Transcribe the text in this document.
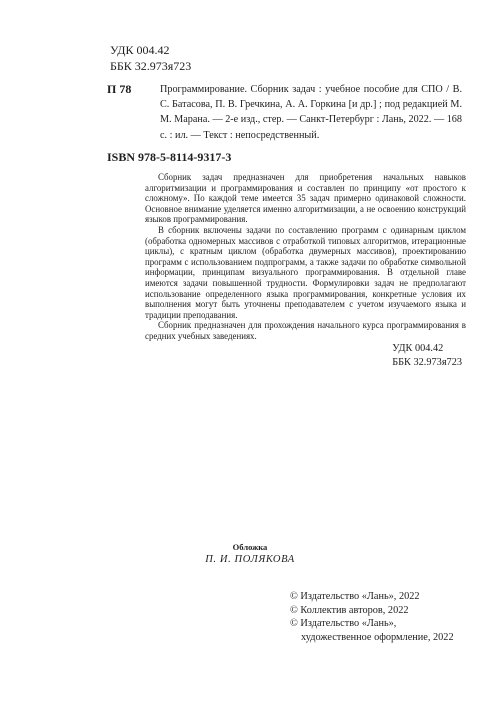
УДК 004.42
ББК 32.973я723
П 78	Программирование. Сборник задач : учебное пособие для СПО / В. С. Батасова, П. В. Гречкина, А. А. Горкина [и др.] ; под редакцией М. М. Марана. — 2-е изд., стер. — Санкт-Петербург : Лань, 2022. — 168 с. : ил. — Текст : непосредственный.
ISBN 978-5-8114-9317-3

Сборник задач предназначен для приобретения начальных навыков алгоритмизации и программирования и составлен по принципу «от простого к сложному». По каждой теме имеется 35 задач примерно одинаковой сложности. Основное внимание уделяется именно алгоритмизации, а не освоению конструкций языков программирования.

В сборник включены задачи по составлению программ с одинарным циклом (обработка одномерных массивов с отработкой типовых алгоритмов, итерационные циклы), с кратным циклом (обработка двумерных массивов), проектированию программ с использованием подпрограмм, а также задачи по обработке символьной информации, принципам визуального программирования. В отдельной главе имеются задачи повышенной трудности. Формулировки задач не предполагают использование определенного языка программирования, конкретные условия их выполнения могут быть уточнены преподавателем с учетом изучаемого языка и традиции преподавания.

Сборник предназначен для прохождения начального курса программирования в средних учебных заведениях.

УДК 004.42
ББК 32.973я723
Обложка
П. И. ПОЛЯКОВА
© Издательство «Лань», 2022
© Коллектив авторов, 2022
© Издательство «Лань»,
художественное оформление, 2022
